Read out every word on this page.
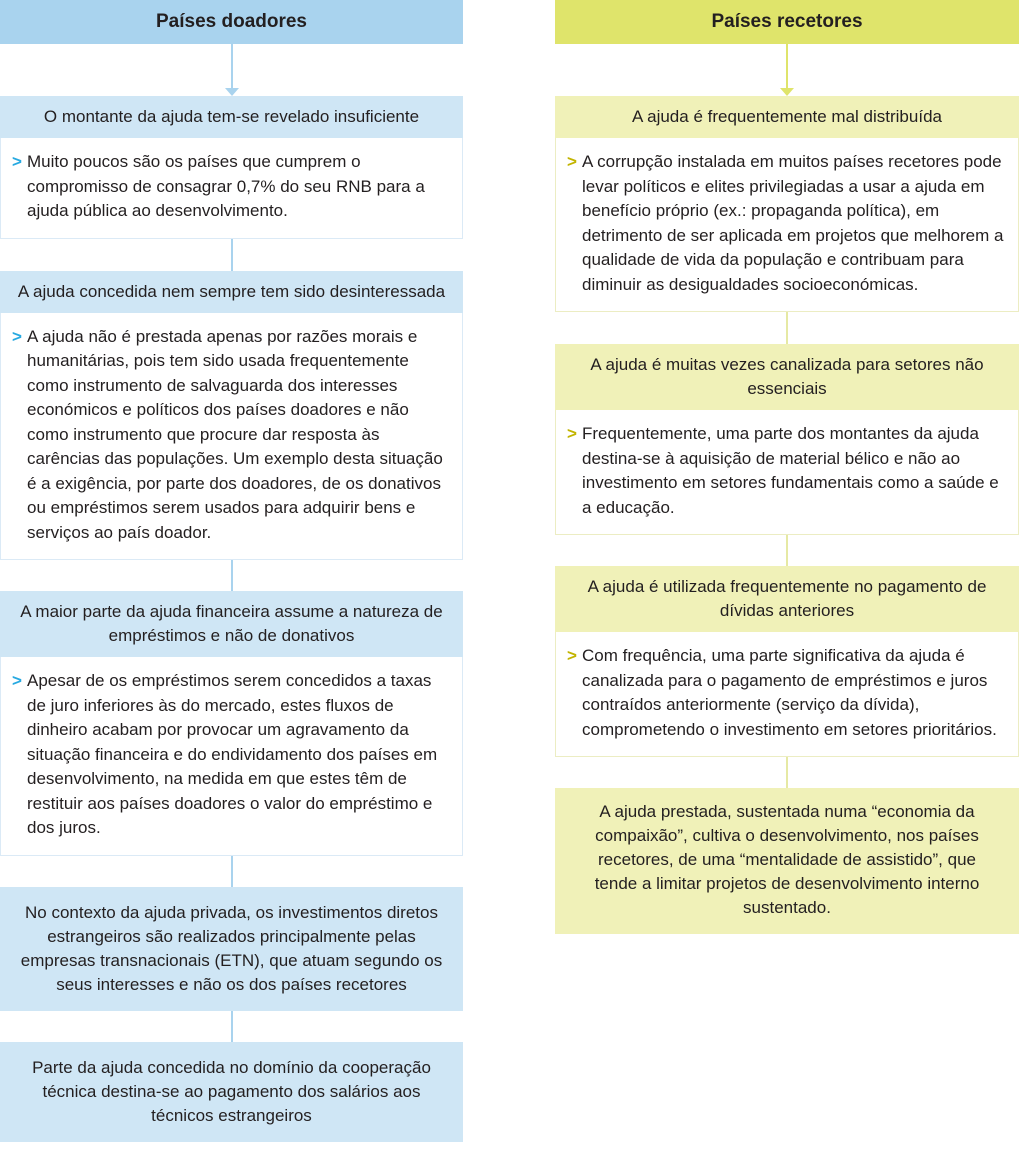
Países doadores
O montante da ajuda tem-se revelado insuficiente

> Muito poucos são os países que cumprem o compromisso de consagrar 0,7% do seu RNB para a ajuda pública ao desenvolvimento.

A ajuda concedida nem sempre tem sido desinteressada

> A ajuda não é prestada apenas por razões morais e humanitárias, pois tem sido usada frequentemente como instrumento de salvaguarda dos interesses económicos e políticos dos países doadores e não como instrumento que procure dar resposta às carências das populações. Um exemplo desta situação é a exigência, por parte dos doadores, de os donativos ou empréstimos serem usados para adquirir bens e serviços ao país doador.

A maior parte da ajuda financeira assume a natureza de empréstimos e não de donativos

> Apesar de os empréstimos serem concedidos a taxas de juro inferiores às do mercado, estes fluxos de dinheiro acabam por provocar um agravamento da situação financeira e do endividamento dos países em desenvolvimento, na medida em que estes têm de restituir aos países doadores o valor do empréstimo e dos juros.

No contexto da ajuda privada, os investimentos diretos estrangeiros são realizados principalmente pelas empresas transnacionais (ETN), que atuam segundo os seus interesses e não os dos países recetores
Parte da ajuda concedida no domínio da cooperação técnica destina-se ao pagamento dos salários aos técnicos estrangeiros
Países recetores
A ajuda é frequentemente mal distribuída

> A corrupção instalada em muitos países recetores pode levar políticos e elites privilegiadas a usar a ajuda em benefício próprio (ex.: propaganda política), em detrimento de ser aplicada em projetos que melhorem a qualidade de vida da população e contribuam para diminuir as desigualdades socioeconómicas.

A ajuda é muitas vezes canalizada para setores não essenciais

> Frequentemente, uma parte dos montantes da ajuda destina-se à aquisição de material bélico e não ao investimento em setores fundamentais como a saúde e a educação.

A ajuda é utilizada frequentemente no pagamento de dívidas anteriores

> Com frequência, uma parte significativa da ajuda é canalizada para o pagamento de empréstimos e juros contraídos anteriormente (serviço da dívida), comprometendo o investimento em setores prioritários.

A ajuda prestada, sustentada numa “economia da compaixão”, cultiva o desenvolvimento, nos países recetores, de uma “mentalidade de assistido”, que tende a limitar projetos de desenvolvimento interno sustentado.
